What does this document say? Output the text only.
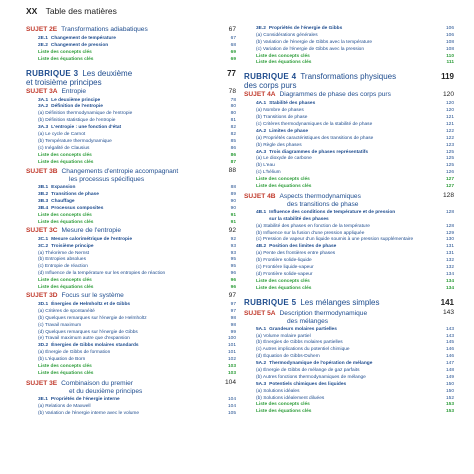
XX Table des matières
SUJET 2E Transformations adiabatiques	67
2E.1 Changement de température	67
2E.2 Changement de pression	68
Liste des concepts clés	69
Liste des équations clés	69
RUBRIQUE 3 Les deuxième
et troisième principes
77
SUJET 3A Entropie	78
3A.1 Le deuxième principe	78
3A.2 Définition de l'entropie	80
(a) Définition thermodynamique de l'entropie	80
(b) Définition statistique de l'entropie	81
3A.3 L'entropie : une fonction d'état	82
(a) Le cycle de Carnot	82
(b) Température thermodynamique	85
(c) Inégalité de Clausius	86
Liste des concepts clés	86
Liste des équations clés	87
SUJET 3B Changements d'entropie accompagnant
les processus spécifiques
88
3B.1 Expansion	88
3B.2 Transitions de phase	89
3B.3 Chauffage	90
3B.4 Processus composites	90
Liste des concepts clés	91
Liste des équations clés	91
SUJET 3C Mesure de l'entropie	92
3C.1 Mesure calorimétrique de l'entropie	92
3C.2 Troisième principe	93
(a) Théorème de Nernst	93
(b) Entropies absolues	95
(c) Entropie de réaction	95
(d) Influence de la température sur les entropies de réaction	96
Liste des concepts clés	96
Liste des équations clés	96
SUJET 3D Focus sur le système	97
3D.1 Énergies de Helmholtz et de Gibbs	97
(a) Critères de spontanéité	97
(b) Quelques remarques sur l'énergie de Helmholtz	98
(c) Travail maximum	98
(d) Quelques remarques sur l'énergie de Gibbs	99
(e) Travail maximum autre que d'expansion	100
3D.2 Énergies de Gibbs molaires standards	101
(a) Énergie de Gibbs de formation	101
(b) L'équation de Born	102
Liste des concepts clés	103
Liste des équations clés	103
SUJET 3E Combinaison du premier
et du deuxième principes
104
3E.1 Propriétés de l'énergie interne	104
(a) Relations de Maxwell	104
(b) Variation de l'énergie interne avec le volume	105
3E.2 Propriétés de l'énergie de Gibbs	106
(a) Considérations générales	106
(b) Variation de l'énergie de Gibbs avec la température	108
(c) Variation de l'énergie de Gibbs avec la pression	108
Liste des concepts clés	110
Liste des équations clés	111
RUBRIQUE 4 Transformations physiques
des corps purs
119
SUJET 4A Diagrammes de phase des corps purs	120
4A.1 Stabilité des phases	120
(a) Nombre de phases	120
(b) Transitions de phase	121
(c) Critères thermodynamiques de la stabilité de phase	121
4A.2 Limites de phase	122
(a) Propriétés caractéristiques des transitions de phase	122
(b) Règle des phases	123
4A.3 Trois diagrammes de phases représentatifs	125
(a) Le dioxyde de carbone	125
(b) L'eau	125
(c) L'hélium	126
Liste des concepts clés	127
Liste des équations clés	127
SUJET 4B Aspects thermodynamiques
des transitions de phase
128
4B.1 Influence des conditions de température et de pression	128
sur la stabilité des phases
(a) Stabilité des phases en fonction de la température	128
(b) Influence sur la fusion d'une pression appliquée	129
(c) Pression de vapeur d'un liquide soumis à une pression supplémentaire	130
4B.2 Position des limites de phase	131
(a) Pente des frontières entre phases	131
(b) Frontière solide-liquide	132
(c) Frontière liquide-vapeur	132
(d) Frontière solide-vapeur	134
Liste des concepts clés	134
Liste des équations clés	134
RUBRIQUE 5 Les mélanges simples	141
SUJET 5A Description thermodynamique
des mélanges
143
5A.1 Grandeurs molaires partielles	143
(a) Volume molaire partiel	143
(b) Énergies de Gibbs molaires partielles	145
(c) Autres implications du potentiel chimique	146
(d) Équation de Gibbs-Duhem	146
5A.2 Thermodynamique de l'opération de mélange	147
(a) Énergie de Gibbs de mélange de gaz parfaits	148
(b) Autres fonctions thermodynamiques de mélange	149
5A.3 Potentiels chimiques des liquides	150
(a) Solutions idéales	150
(b) Solutions idéalement diluées	152
Liste des concepts clés	153
Liste des équations clés	153
